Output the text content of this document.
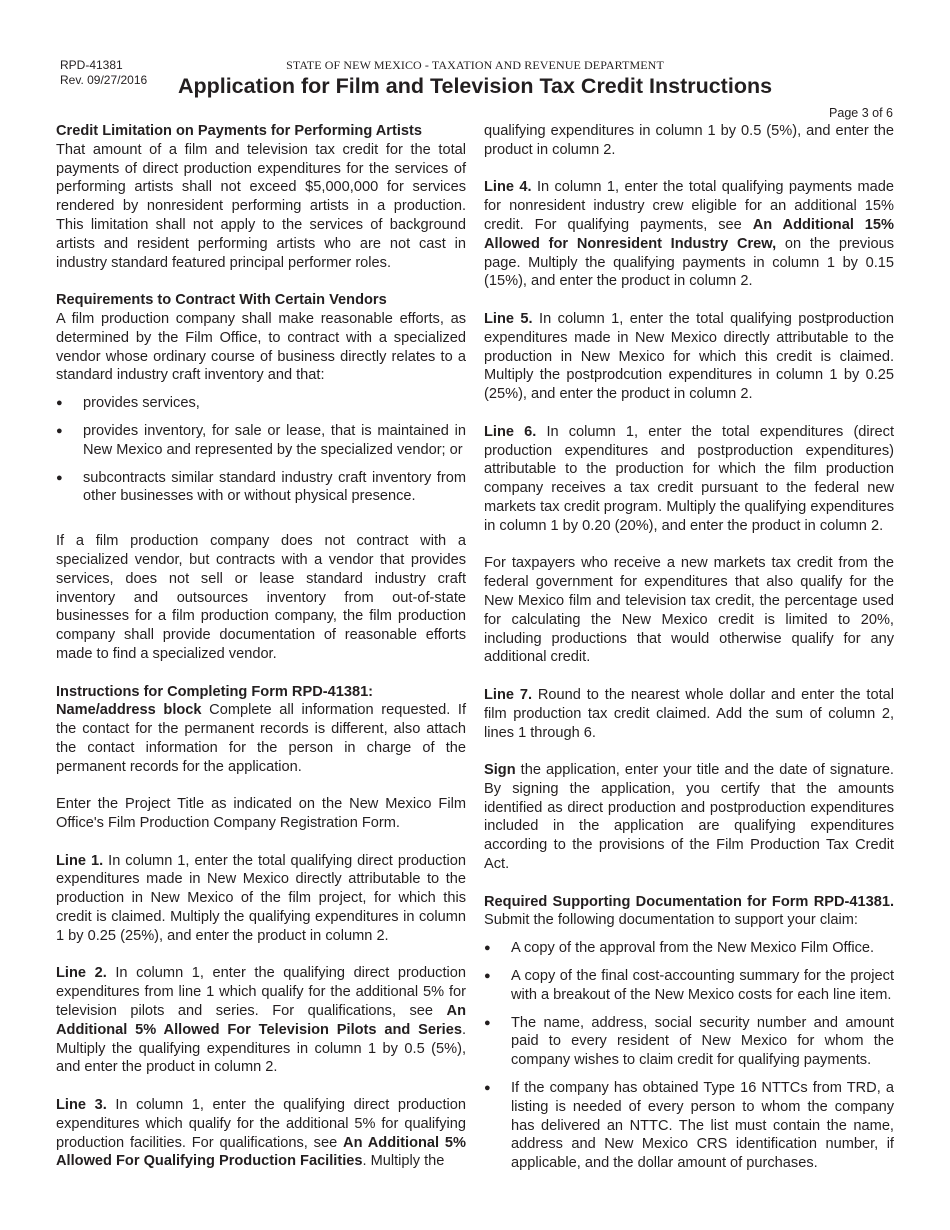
RPD-41381
Rev. 09/27/2016
STATE OF NEW MEXICO - TAXATION AND REVENUE DEPARTMENT
Application for Film and Television Tax Credit Instructions
Page 3 of 6

Credit Limitation on Payments for Performing Artists
That amount of a film and television tax credit for the total payments of direct production expenditures for the services of performing artists shall not exceed $5,000,000 for services rendered by nonresident performing artists in a production. This limitation shall not apply to the services of background artists and resident performing artists who are not cast in industry standard featured principal performer roles.

Requirements to Contract With Certain Vendors
A film production company shall make reasonable efforts, as determined by the Film Office, to contract with a specialized vendor whose ordinary course of business directly relates to a standard industry craft inventory and that:

● provides services,
● provides inventory, for sale or lease, that is maintained in New Mexico and represented by the specialized vendor; or
● subcontracts similar standard industry craft inventory from other businesses with or without physical presence.

If a film production company does not contract with a specialized vendor, but contracts with a vendor that provides services, does not sell or lease standard industry craft inventory and outsources inventory from out-of-state businesses for a film production company, the film production company shall provide documentation of reasonable efforts made to find a specialized vendor.

Instructions for Completing Form RPD-41381:
Name/address block Complete all information requested. If the contact for the permanent records is different, also attach the contact information for the person in charge of the permanent records for the application.

Enter the Project Title as indicated on the New Mexico Film Office's Film Production Company Registration Form.

Line 1. In column 1, enter the total qualifying direct production expenditures made in New Mexico directly attributable to the production in New Mexico of the film project, for which this credit is claimed. Multiply the qualifying expenditures in column 1 by 0.25 (25%), and enter the product in column 2.

Line 2. In column 1, enter the qualifying direct production expenditures from line 1 which qualify for the additional 5% for television pilots and series. For qualifications, see An Additional 5% Allowed For Television Pilots and Series. Multiply the qualifying expenditures in column 1 by 0.5 (5%), and enter the product in column 2.

Line 3. In column 1, enter the qualifying direct production expenditures which qualify for the additional 5% for qualifying production facilities. For qualifications, see An Additional 5% Allowed For Qualifying Production Facilities. Multiply the

qualifying expenditures in column 1 by 0.5 (5%), and enter the product in column 2.

Line 4. In column 1, enter the total qualifying payments made for nonresident industry crew eligible for an additional 15% credit. For qualifying payments, see An Additional 15% Allowed for Nonresident Industry Crew, on the previous page. Multiply the qualifying payments in column 1 by 0.15 (15%), and enter the product in column 2.

Line 5. In column 1, enter the total qualifying postproduction expenditures made in New Mexico directly attributable to the production in New Mexico for which this credit is claimed. Multiply the postprodcution expenditures in column 1 by 0.25 (25%), and enter the product in column 2.

Line 6. In column 1, enter the total expenditures (direct production expenditures and postproduction expenditures) attributable to the production for which the film production company receives a tax credit pursuant to the federal new markets tax credit program. Multiply the qualifying expenditures in column 1 by 0.20 (20%), and enter the product in column 2.

For taxpayers who receive a new markets tax credit from the federal government for expenditures that also qualify for the New Mexico film and television tax credit, the percentage used for calculating the New Mexico credit is limited to 20%, including productions that would otherwise qualify for any additional credit.

Line 7. Round to the nearest whole dollar and enter the total film production tax credit claimed. Add the sum of column 2, lines 1 through 6.

Sign the application, enter your title and the date of signature. By signing the application, you certify that the amounts identified as direct production and postproduction expenditures included in the application are qualifying expenditures according to the provisions of the Film Production Tax Credit Act.

Required Supporting Documentation for Form RPD-41381. Submit the following documentation to support your claim:

● A copy of the approval from the New Mexico Film Office.
● A copy of the final cost-accounting summary for the project with a breakout of the New Mexico costs for each line item.
● The name, address, social security number and amount paid to every resident of New Mexico for whom the company wishes to claim credit for qualifying payments.
● If the company has obtained Type 16 NTTCs from TRD, a listing is needed of every person to whom the company has delivered an NTTC. The list must contain the name, address and New Mexico CRS identification number, if applicable, and the dollar amount of purchases.
